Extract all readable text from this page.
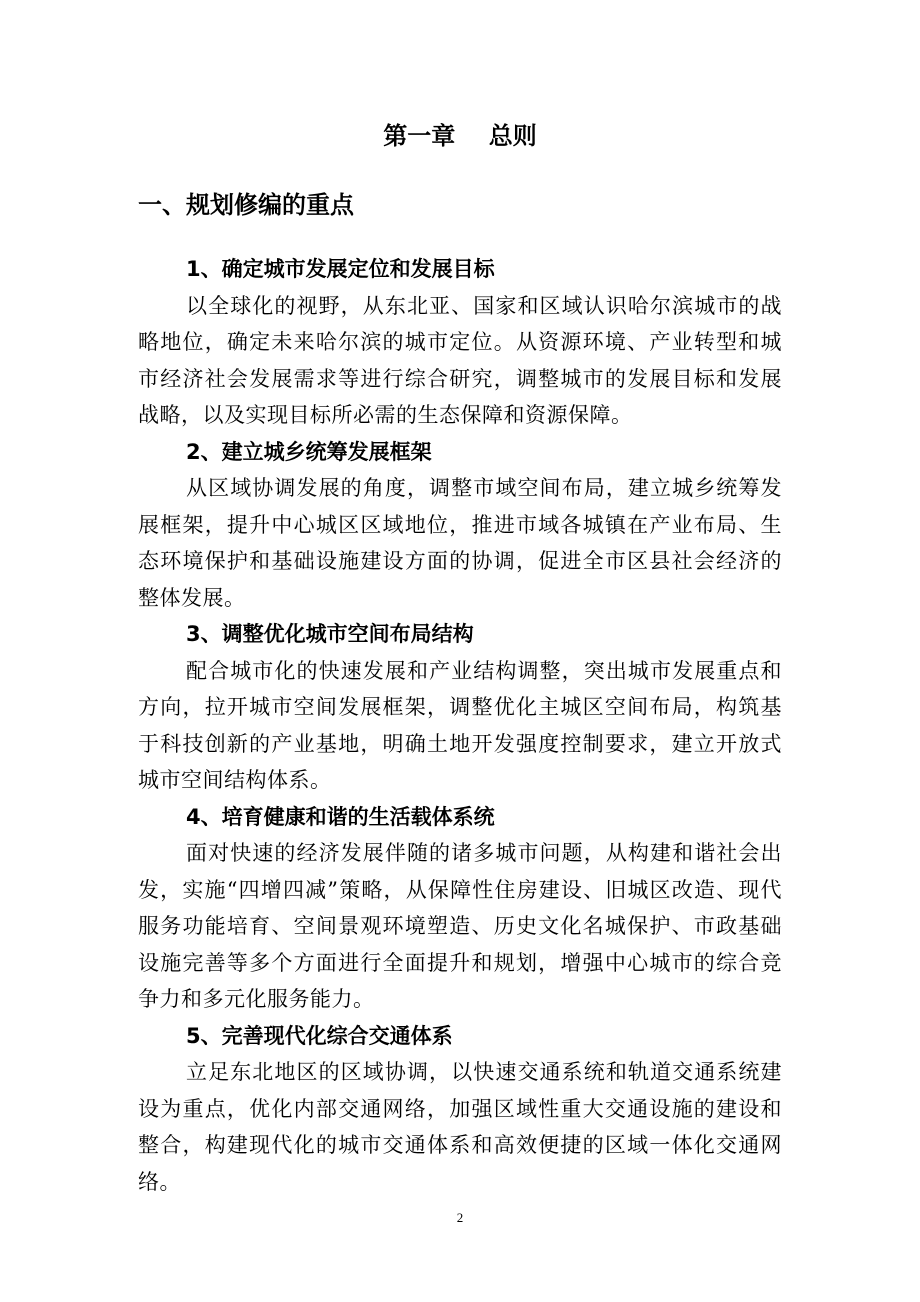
第一章    总则
一、规划修编的重点
1、确定城市发展定位和发展目标

以全球化的视野，从东北亚、国家和区域认识哈尔滨城市的战略地位，确定未来哈尔滨的城市定位。从资源环境、产业转型和城市经济社会发展需求等进行综合研究，调整城市的发展目标和发展战略，以及实现目标所必需的生态保障和资源保障。

2、建立城乡统筹发展框架

从区域协调发展的角度，调整市域空间布局，建立城乡统筹发展框架，提升中心城区区域地位，推进市域各城镇在产业布局、生态环境保护和基础设施建设方面的协调，促进全市区县社会经济的整体发展。

3、调整优化城市空间布局结构

配合城市化的快速发展和产业结构调整，突出城市发展重点和方向，拉开城市空间发展框架，调整优化主城区空间布局，构筑基于科技创新的产业基地，明确土地开发强度控制要求，建立开放式城市空间结构体系。

4、培育健康和谐的生活载体系统

面对快速的经济发展伴随的诸多城市问题，从构建和谐社会出发，实施“四增四减”策略，从保障性住房建设、旧城区改造、现代服务功能培育、空间景观环境塑造、历史文化名城保护、市政基础设施完善等多个方面进行全面提升和规划，增强中心城市的综合竞争力和多元化服务能力。

5、完善现代化综合交通体系

立足东北地区的区域协调，以快速交通系统和轨道交通系统建设为重点，优化内部交通网络，加强区域性重大交通设施的建设和整合，构建现代化的城市交通体系和高效便捷的区域一体化交通网络。

2
